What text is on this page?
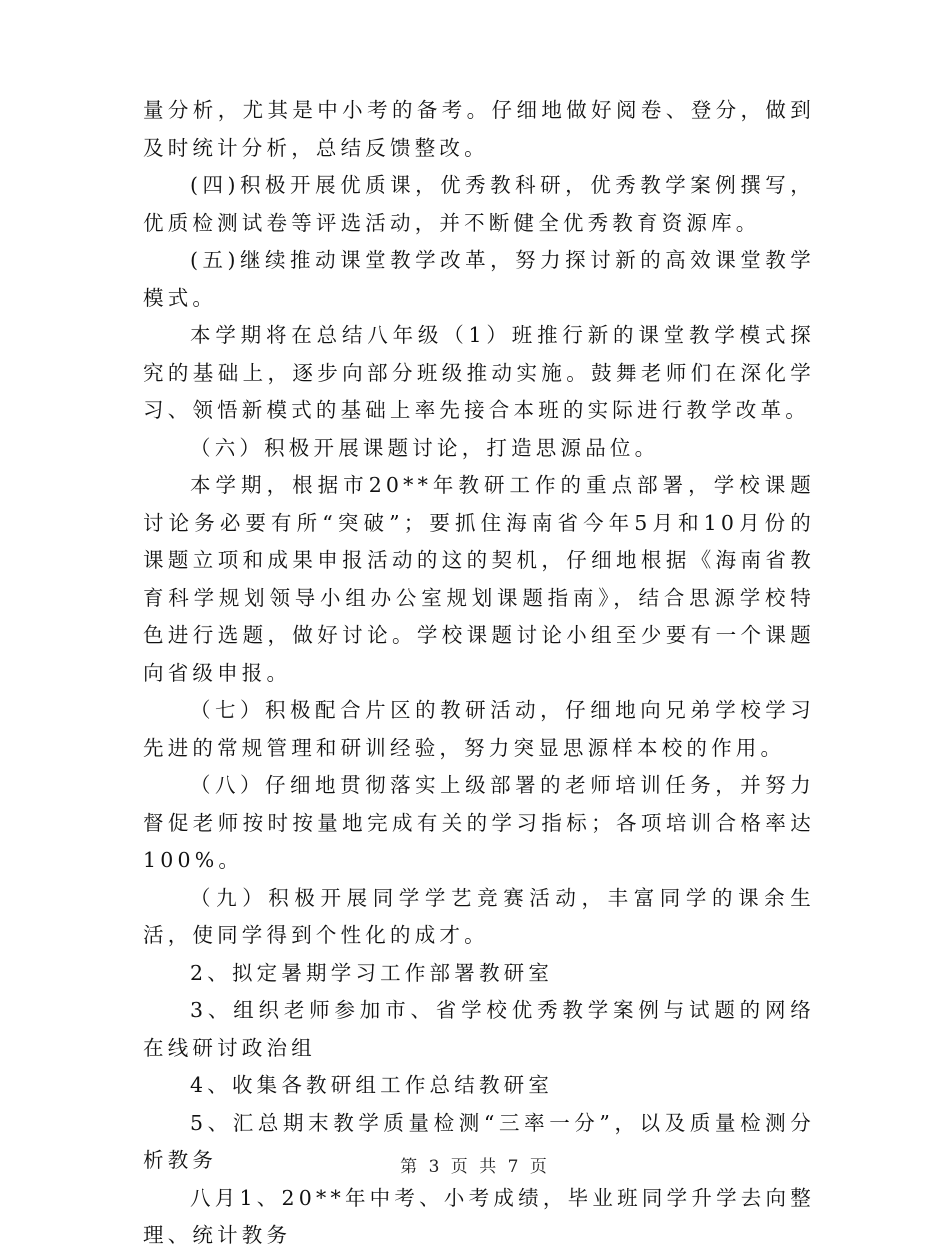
量分析，尤其是中小考的备考。仔细地做好阅卷、登分，做到及时统计分析，总结反馈整改。

(四)积极开展优质课，优秀教科研，优秀教学案例撰写，优质检测试卷等评选活动，并不断健全优秀教育资源库。

(五)继续推动课堂教学改革，努力探讨新的高效课堂教学模式。

本学期将在总结八年级（1）班推行新的课堂教学模式探究的基础上，逐步向部分班级推动实施。鼓舞老师们在深化学习、领悟新模式的基础上率先接合本班的实际进行教学改革。

（六）积极开展课题讨论，打造思源品位。

本学期，根据市20**年教研工作的重点部署，学校课题讨论务必要有所“突破”；要抓住海南省今年5月和10月份的课题立项和成果申报活动的这的契机，仔细地根据《海南省教育科学规划领导小组办公室规划课题指南》，结合思源学校特色进行选题，做好讨论。学校课题讨论小组至少要有一个课题向省级申报。

（七）积极配合片区的教研活动，仔细地向兄弟学校学习先进的常规管理和研训经验，努力突显思源样本校的作用。

（八）仔细地贯彻落实上级部署的老师培训任务，并努力督促老师按时按量地完成有关的学习指标；各项培训合格率达100%。

（九）积极开展同学学艺竞赛活动，丰富同学的课余生活，使同学得到个性化的成才。

2、拟定暑期学习工作部署教研室

3、组织老师参加市、省学校优秀教学案例与试题的网络在线研讨政治组

4、收集各教研组工作总结教研室

5、汇总期末教学质量检测“三率一分”，以及质量检测分析教务

八月1、20**年中考、小考成绩，毕业班同学升学去向整理、统计教务

第 3 页 共 7 页
